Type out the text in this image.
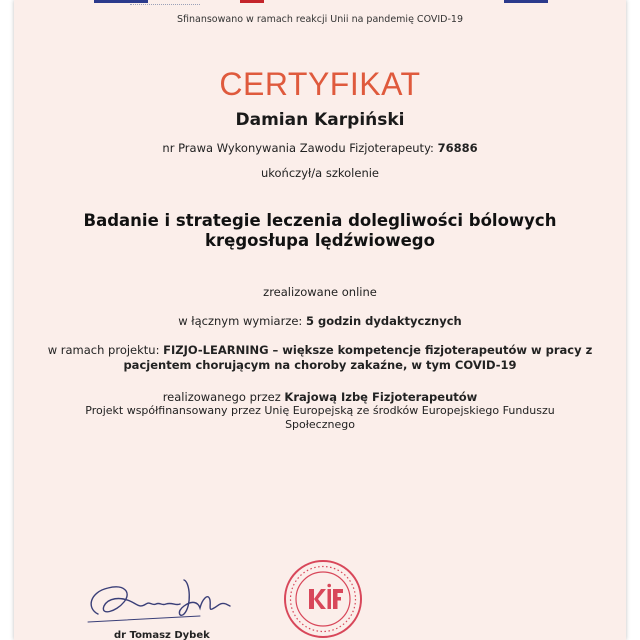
Sfinansowano w ramach reakcji Unii na pandemię COVID-19
CERTYFIKAT
Damian Karpiński
nr Prawa Wykonywania Zawodu Fizjoterapeuty: 76886
ukończył/a szkolenie
Badanie i strategie leczenia dolegliwości bólowych kręgosłupa lędźwiowego
zrealizowane online
w łącznym wymiarze: 5 godzin dydaktycznych
w ramach projektu: FIZJO-LEARNING – większe kompetencje fizjoterapeutów w pracy z pacjentem chorującym na choroby zakaźne, w tym COVID-19
realizowanego przez Krajową Izbę Fizjoterapeutów
Projekt współfinansowany przez Unię Europejską ze środków Europejskiego Funduszu Społecznego
dr Tomasz Dybek
